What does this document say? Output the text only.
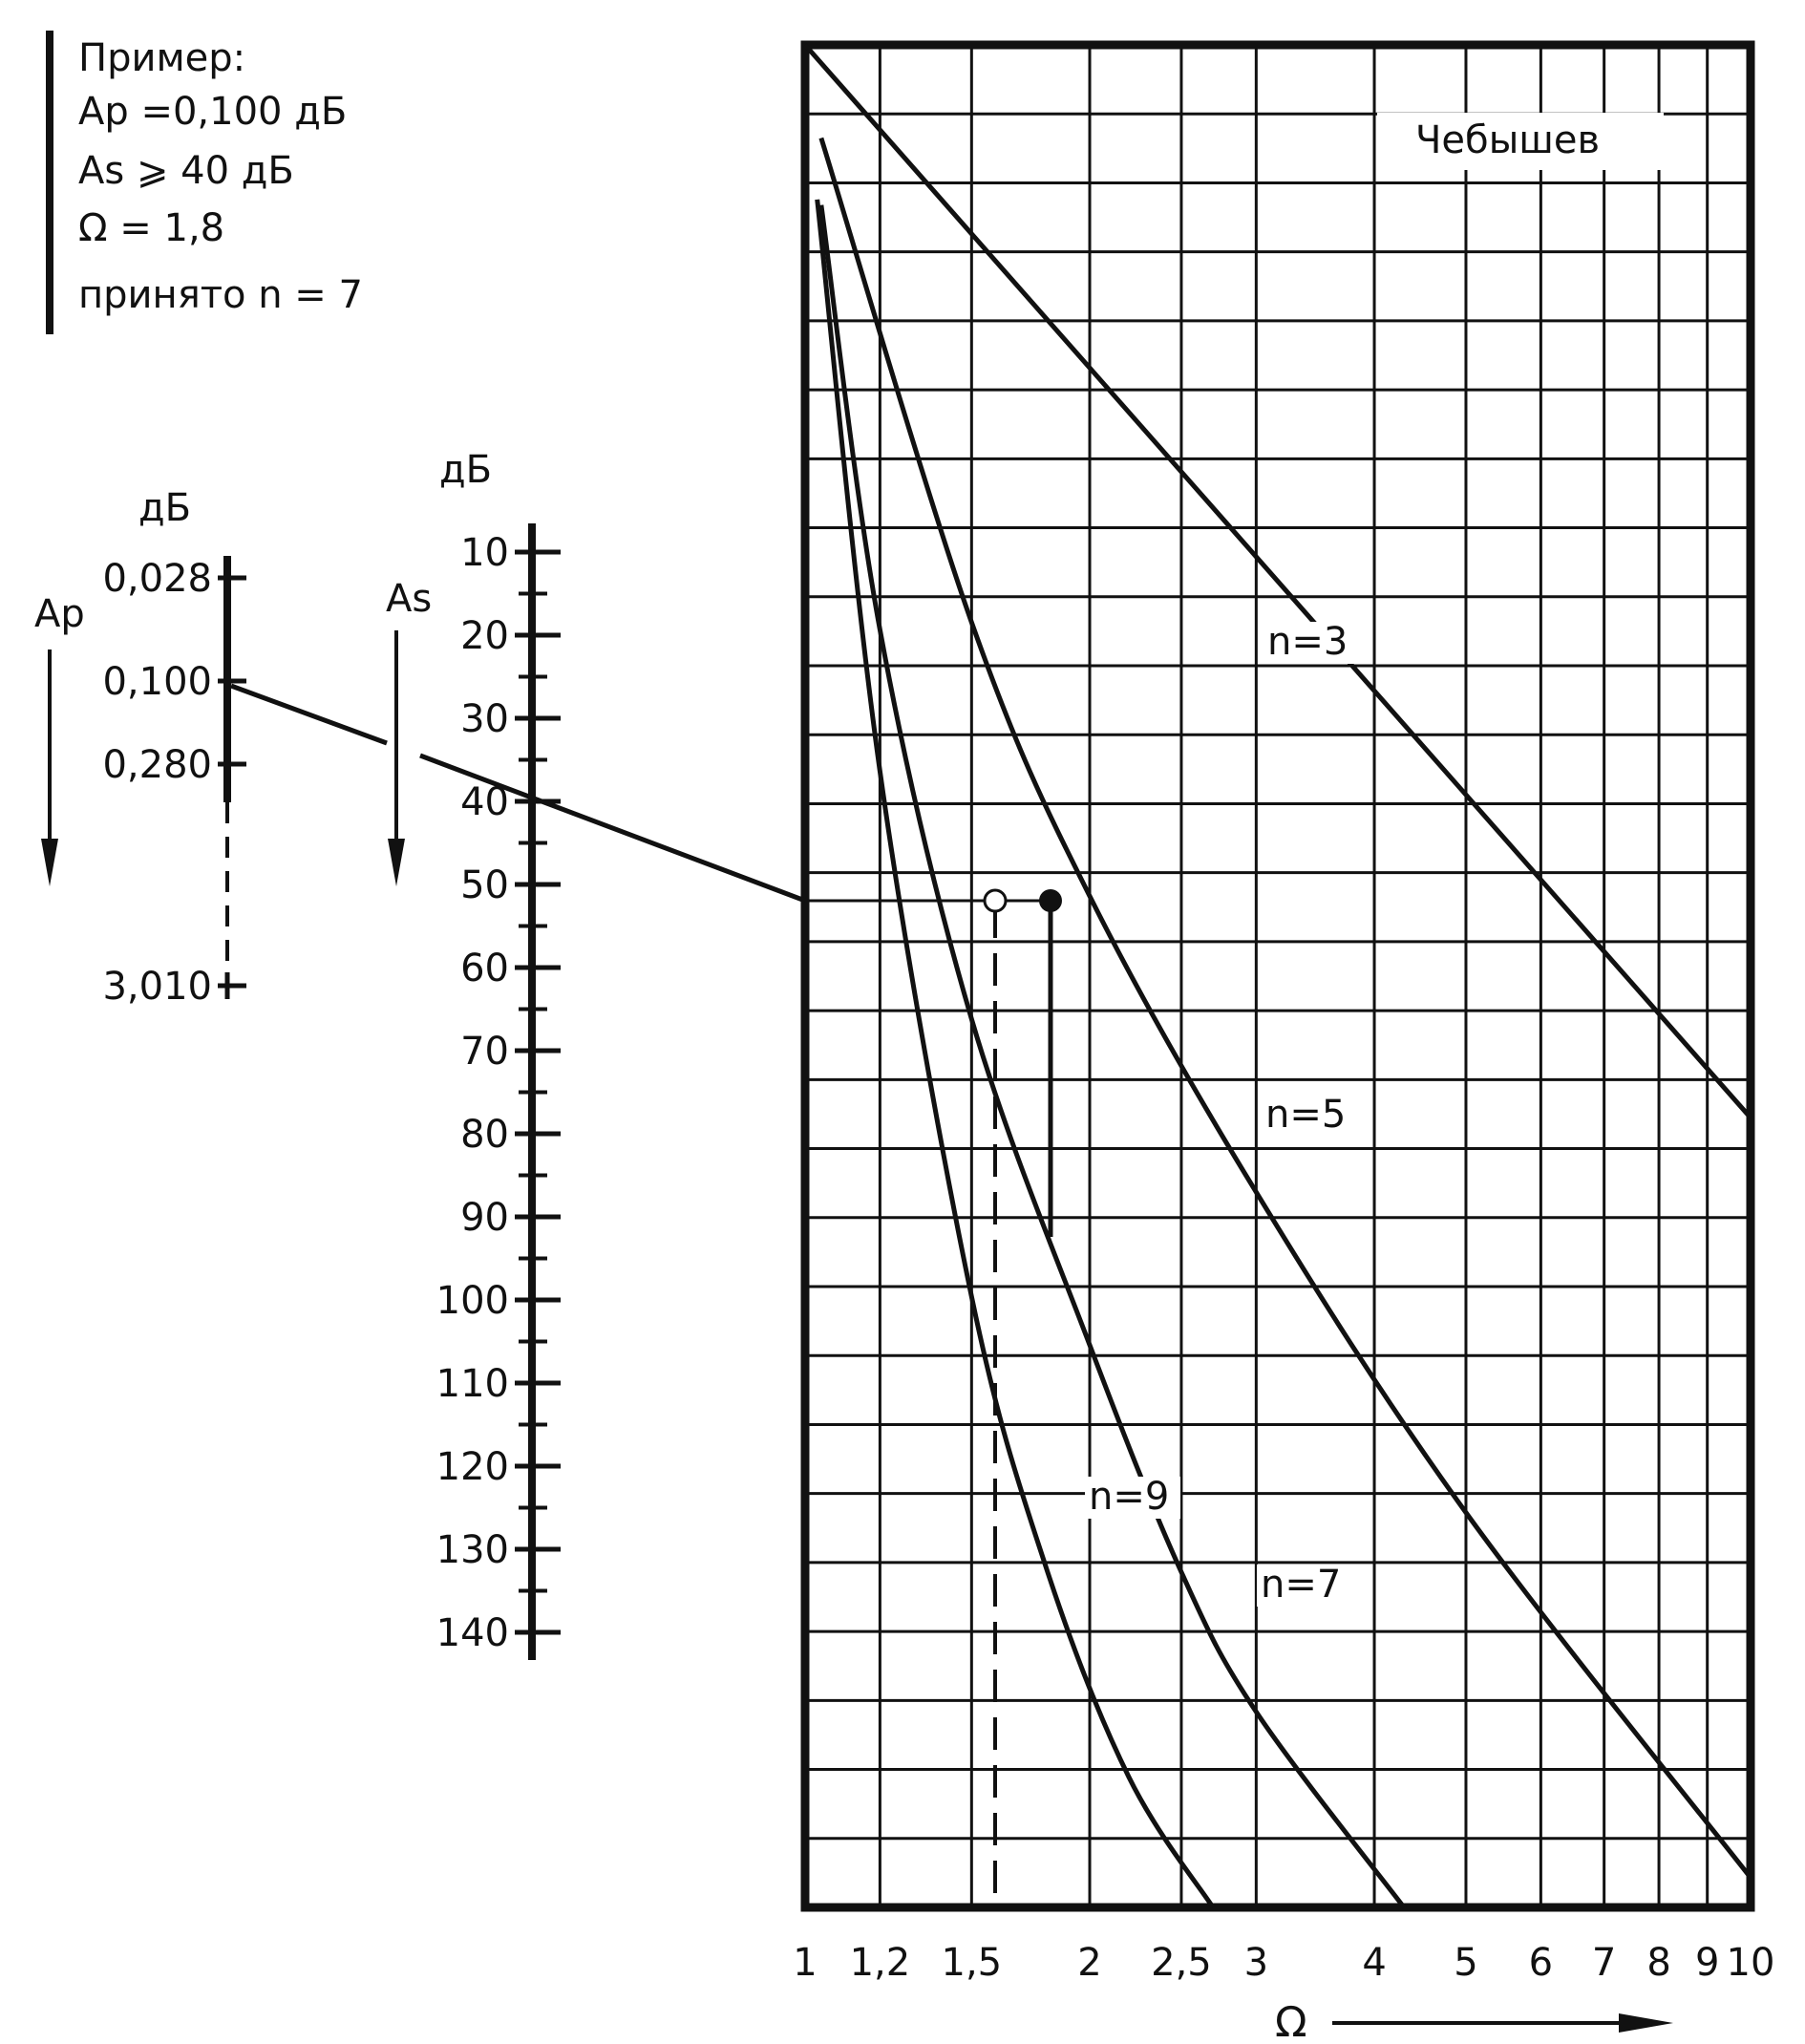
Пример:
Ap =0,100 дБ
As ⩾ 40 дБ
Ω = 1,8
принято n = 7
дБ
Ap
0,028
0,100
0,280
3,010
дБ
As
10
20
30
40
50
60
70
80
90
100
110
120
130
140
Чебышев
n=3
n=5
n=7
n=9
1 1,2 1,5 2 2,5 3 4 5 6 7 8 9 10
Ω
